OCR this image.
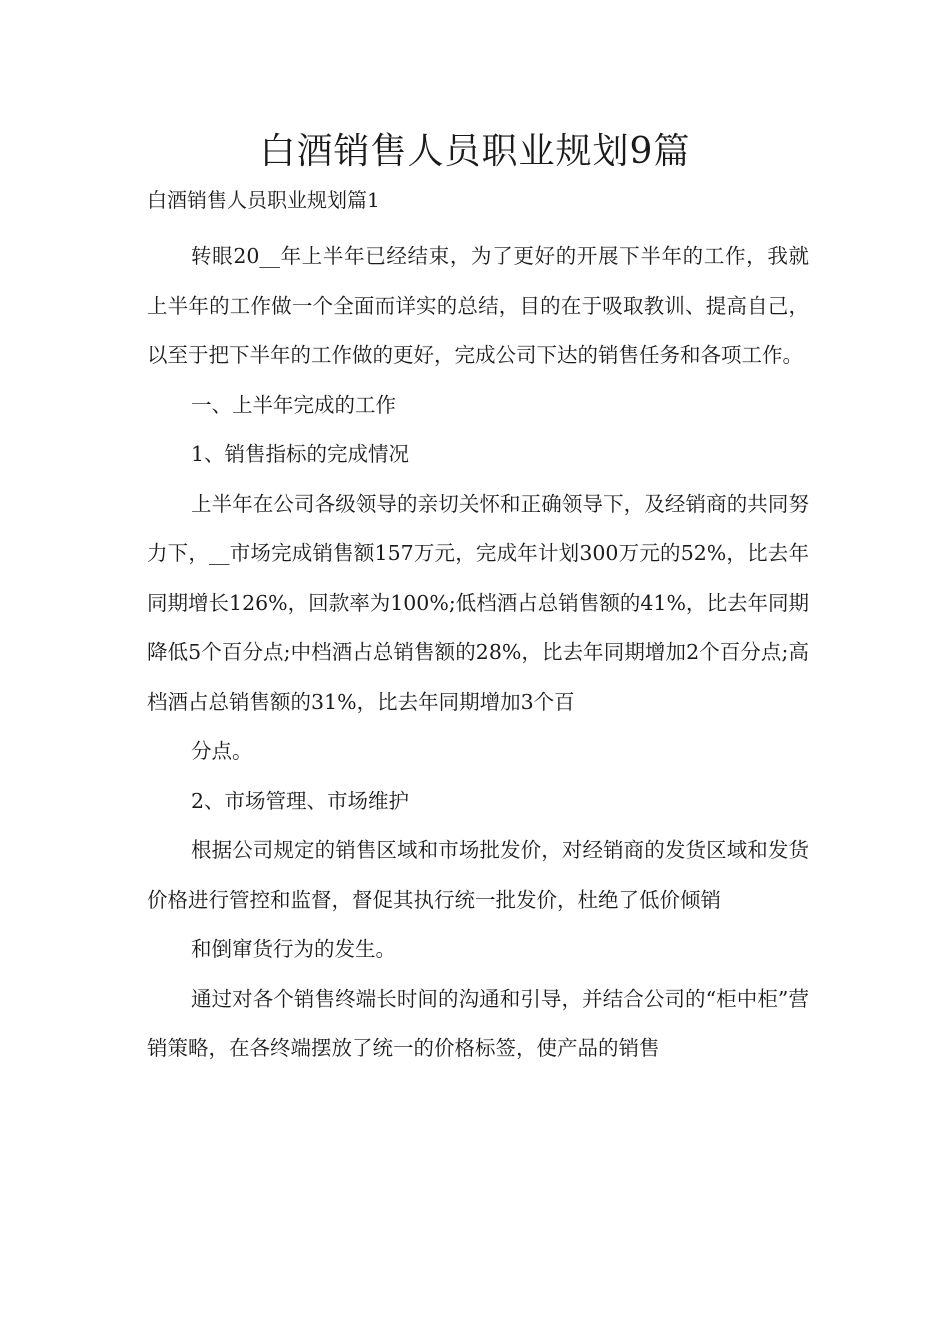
白酒销售人员职业规划9篇
白酒销售人员职业规划篇1

转眼20__年上半年已经结束，为了更好的开展下半年的工作，我就上半年的工作做一个全面而详实的总结，目的在于吸取教训、提高自己，以至于把下半年的工作做的更好，完成公司下达的销售任务和各项工作。

一、上半年完成的工作

1、销售指标的完成情况

上半年在公司各级领导的亲切关怀和正确领导下，及经销商的共同努力下，__市场完成销售额157万元，完成年计划300万元的52%，比去年同期增长126%，回款率为100%;低档酒占总销售额的41%，比去年同期降低5个百分点;中档酒占总销售额的28%，比去年同期增加2个百分点;高档酒占总销售额的31%，比去年同期增加3个百

分点。

2、市场管理、市场维护

根据公司规定的销售区域和市场批发价，对经销商的发货区域和发货价格进行管控和监督，督促其执行统一批发价，杜绝了低价倾销

和倒窜货行为的发生。

通过对各个销售终端长时间的沟通和引导，并结合公司的“柜中柜”营销策略，在各终端摆放了统一的价格标签，使产品的销售
